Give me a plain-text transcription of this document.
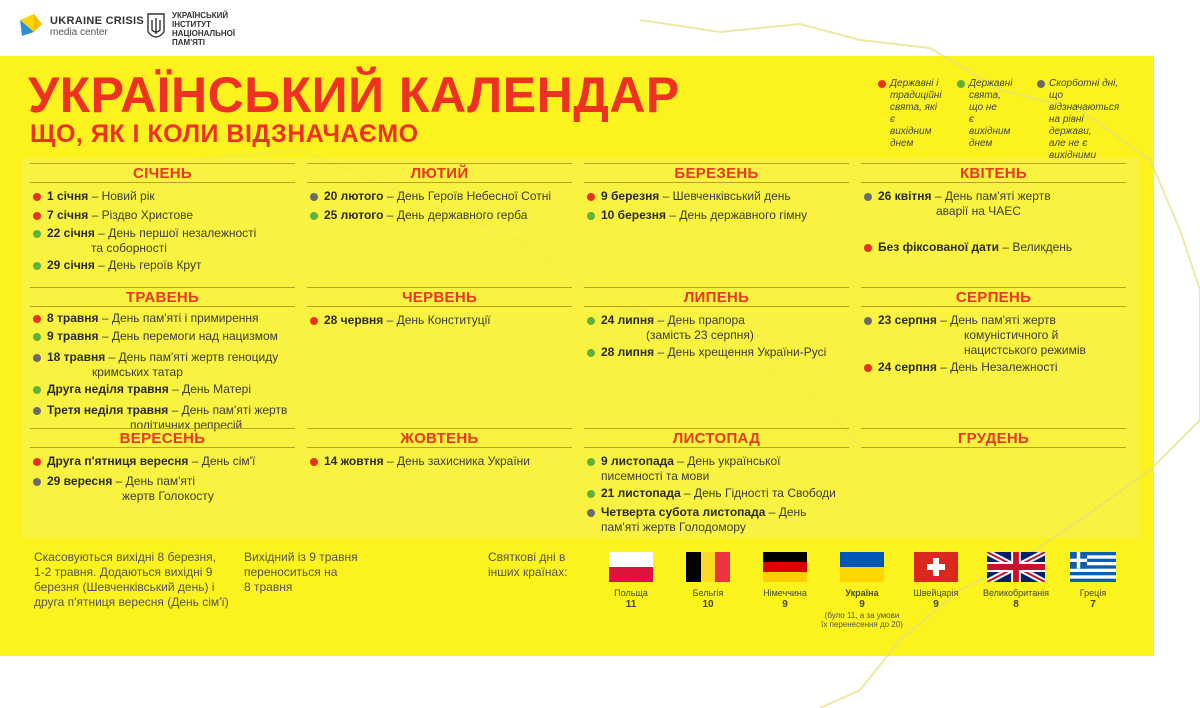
UKRAINE CRISIS
media center
УКРАЇНСЬКИЙ
ІНСТИТУТ
НАЦІОНАЛЬНОЇ
ПАМ'ЯТІ
УКРАЇНСЬКИЙ КАЛЕНДАР
ЩО, ЯК І КОЛИ ВІДЗНАЧАЄМО
Державні і
традиційні
свята, які є
вихідним
днем
Державні
свята, що не
є вихідним
днем
Скорботні дні,
що відзначаються
на рівні держави,
але не є
вихідними
СІЧЕНЬ
1 січня – Новий рік
7 січня – Різдво Христове
22 січня – День першої незалежності
та соборності
29 січня – День героїв Крут
ЛЮТИЙ
20 лютого – День Героїв Небесної Сотні
25 лютого – День державного герба
БЕРЕЗЕНЬ
9 березня – Шевченківський день
10 березня – День державного гімну
КВІТЕНЬ
26 квітня – День пам'яті жертв
аварії на ЧАЕС
Без фіксованої дати – Великдень
ТРАВЕНЬ
8 травня – День пам'яті і примирення
9 травня – День перемоги над нацизмом
18 травня – День пам'яті жертв геноциду
кримських татар
Друга неділя травня – День Матері
Третя неділя травня – День пам'яті жертв
політичних репресій
ЧЕРВЕНЬ
28 червня – День Конституції
ЛИПЕНЬ
24 липня – День прапора
(замість 23 серпня)
28 липня – День хрещення України-Русі
СЕРПЕНЬ
23 серпня – День пам'яті жертв
комуністичного й
нацистського режимів
24 серпня – День Незалежності
ВЕРЕСЕНЬ
Друга п'ятниця вересня – День сім'ї
29 вересня – День пам'яті
жертв Голокосту
ЖОВТЕНЬ
14 жовтня – День захисника України
ЛИСТОПАД
9 листопада – День української
писемності та мови
21 листопада – День Гідності та Свободи
Четверта субота листопада – День
пам'яті жертв Голодомору
ГРУДЕНЬ
Скасовуються вихідні 8 березня,
1-2 травня. Додаються вихідні 9
березня (Шевченківський день) і
друга п'ятниця вересня (День сім'ї)
Вихідний із 9 травня
переноситься на
8 травня
Святкові дні в
інших країнах:
Польща
11
Бельгія
10
Німеччина
9
Україна
9
(було 11, а за умови
їх перенесення до 20)
Швейцарія
9
Великобританія
8
Греція
7
